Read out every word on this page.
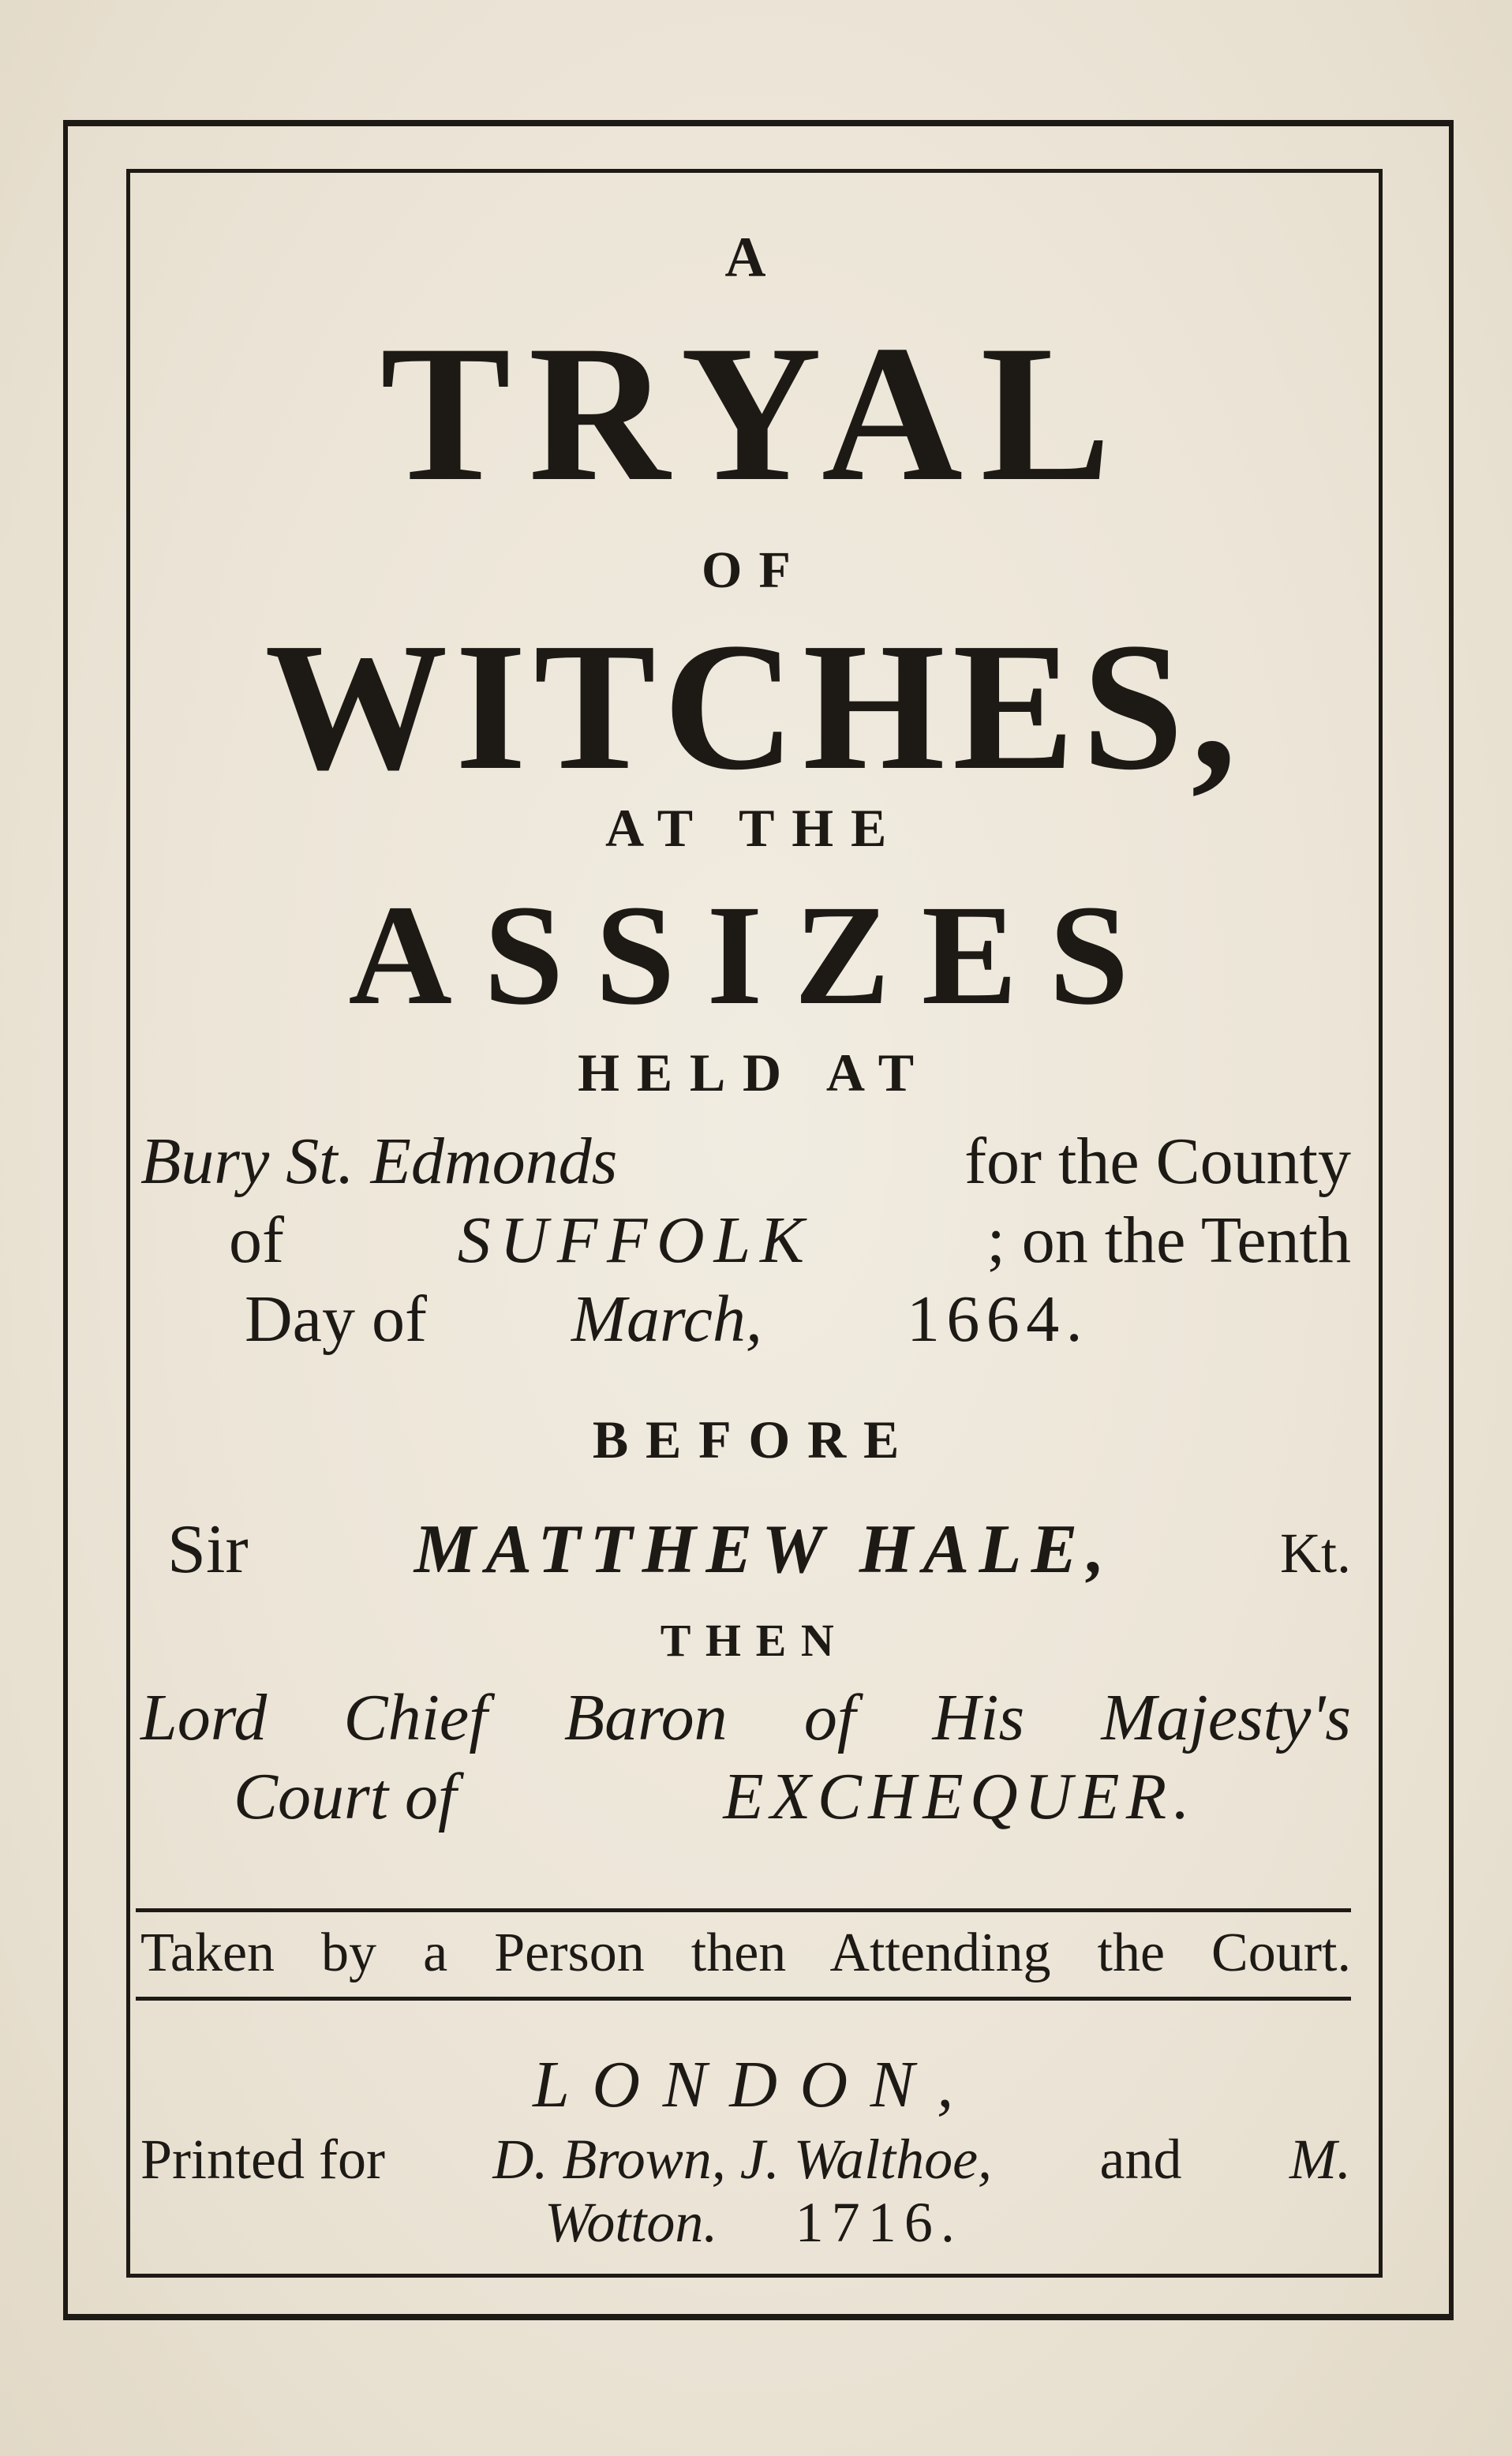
A
TRYAL
OF
WITCHES,
AT THE
ASSIZES
HELD AT
Bury St. Edmonds	for the County
of	SUFFOLK	; on the Tenth
Day of March, 1664.
BEFORE
Sir MATTHEW HALE,	Kt.
THEN
Lord Chief Baron of His Majesty's
Court of	EXCHEQUER.
Taken by a Person then Attending the Court.
LONDON,
Printed for D. Brown, J. Walthoe, and M.
Wotton. 1716.
